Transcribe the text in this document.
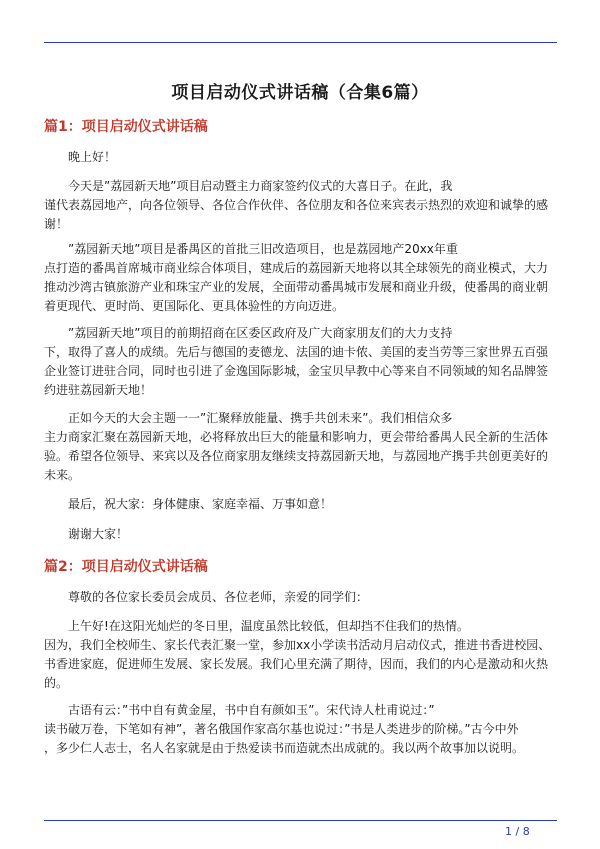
项目启动仪式讲话稿（合集6篇）
篇1：项目启动仪式讲话稿

　　晚上好！

　　今天是”荔园新天地”项目启动暨主力商家签约仪式的大喜日子。在此，我
谨代表荔园地产，向各位领导、各位合作伙伴、各位朋友和各位来宾表示热烈的欢迎和诚挚的感
谢！

　　”荔园新天地”项目是番禺区的首批三旧改造项目，也是荔园地产20xx年重
点打造的番禺首席城市商业综合体项目，建成后的荔园新天地将以其全球领先的商业模式，大力
推动沙湾古镇旅游产业和珠宝产业的发展，全面带动番禺城市发展和商业升级，使番禺的商业朝
着更现代、更时尚、更国际化、更具体验性的方向迈进。

　　”荔园新天地”项目的前期招商在区委区政府及广大商家朋友们的大力支持
下，取得了喜人的成绩。先后与德国的麦德龙、法国的迪卡侬、美国的麦当劳等三家世界五百强
企业签订进驻合同，同时也引进了金逸国际影城，金宝贝早教中心等来自不同领域的知名品牌签
约进驻荔园新天地！

　　正如今天的大会主题一一”汇聚释放能量、携手共创未来”。我们相信众多
主力商家汇聚在荔园新天地，必将释放出巨大的能量和影响力，更会带给番禺人民全新的生活体
验。希望各位领导、来宾以及各位商家朋友继续支持荔园新天地，与荔园地产携手共创更美好的
未来。

　　最后，祝大家：身体健康、家庭幸福、万事如意！

　　谢谢大家！

篇2：项目启动仪式讲话稿

　　尊敬的各位家长委员会成员、各位老师，亲爱的同学们：

　　上午好!在这阳光灿烂的冬日里，温度虽然比较低，但却挡不住我们的热情。
因为，我们全校师生、家长代表汇聚一堂，参加xx小学读书活动月启动仪式，推进书香进校园、
书香进家庭，促进师生发展、家长发展。我们心里充满了期待，因而，我们的内心是激动和火热
的。

　　古语有云：”书中自有黄金屋，书中自有颜如玉”。宋代诗人杜甫说过：”
读书破万卷，下笔如有神”，著名俄国作家高尔基也说过：”书是人类进步的阶梯。”古今中外
，多少仁人志士，名人名家就是由于热爱读书而造就杰出成就的。我以两个故事加以说明。

1 / 8
